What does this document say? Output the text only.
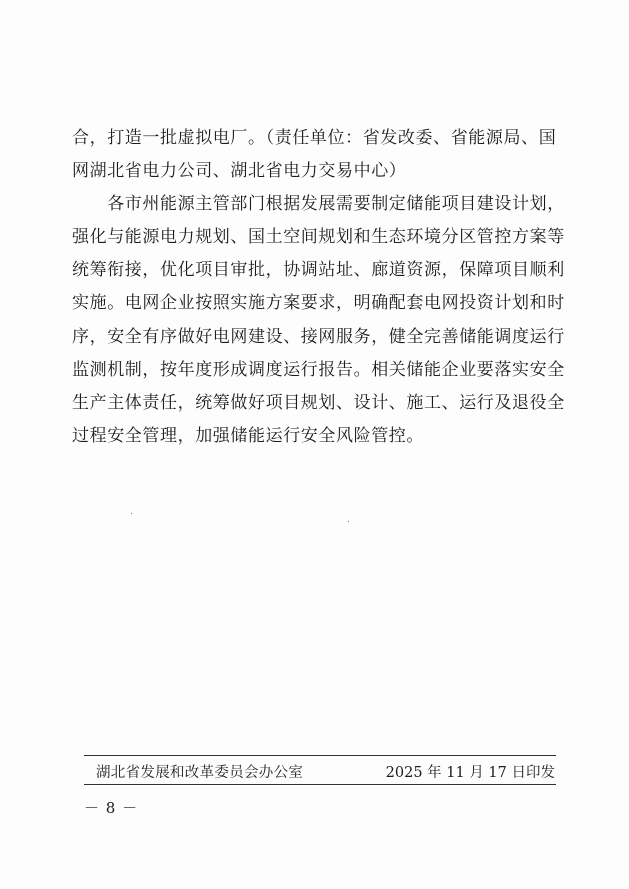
合，打造一批虚拟电厂。（责任单位：省发改委、省能源局、国
网湖北省电力公司、湖北省电力交易中心）
　　各市州能源主管部门根据发展需要制定储能项目建设计划，
强化与能源电力规划、国土空间规划和生态环境分区管控方案等
统筹衔接，优化项目审批，协调站址、廊道资源，保障项目顺利
实施。电网企业按照实施方案要求，明确配套电网投资计划和时
序，安全有序做好电网建设、接网服务，健全完善储能调度运行
监测机制，按年度形成调度运行报告。相关储能企业要落实安全
生产主体责任，统筹做好项目规划、设计、施工、运行及退役全
过程安全管理，加强储能运行安全风险管控。
湖北省发展和改革委员会办公室	2025 年 11 月 17 日印发
－ 8 －
